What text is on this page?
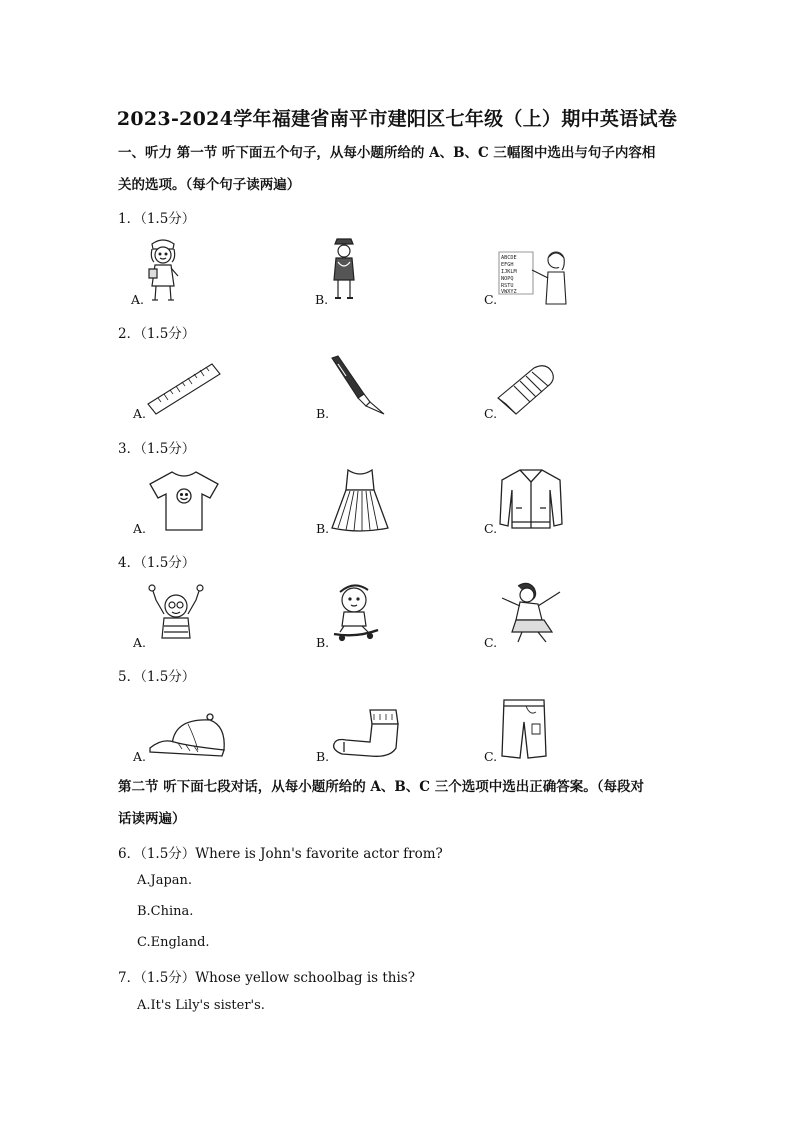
2023-2024学年福建省南平市建阳区七年级（上）期中英语试卷
一、听力 第一节 听下面五个句子，从每小题所给的 A、B、C 三幅图中选出与句子内容相
关的选项。（每个句子读两遍）
1．（1.5分）
A.	B.
ABCDE
EFGH
IJKLM
NOPQ
RSTU
VWXYZ
C.
2．（1.5分）
A.	B.	C.
3．（1.5分）
A.	B.	C.
4．（1.5分）
A.	B.	C.
5．（1.5分）
A.	B.	C.
第二节 听下面七段对话，从每小题所给的 A、B、C 三个选项中选出正确答案。（每段对
话读两遍）
6．（1.5分）Where is John's favorite actor from?
A.Japan.
B.China.
C.England.
7．（1.5分）Whose yellow schoolbag is this?
A.It's Lily's sister's.
